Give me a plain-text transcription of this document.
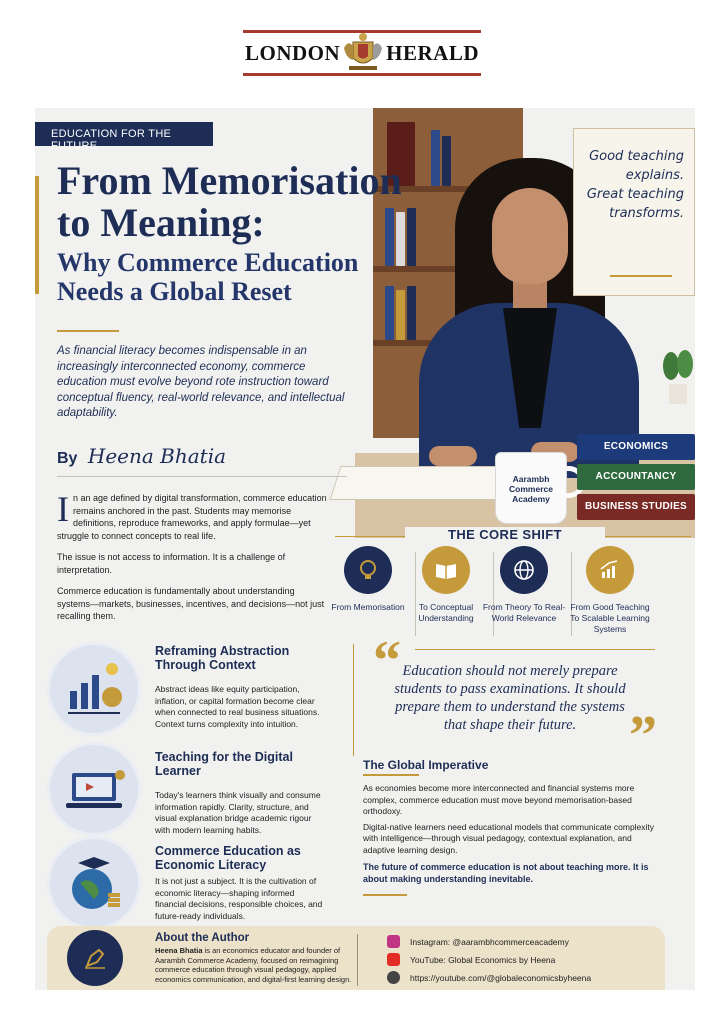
LONDON HERALD
Aarambh Commerce Academy
ECONOMICS
ACCOUNTANCY
BUSINESS STUDIES
Good teaching
explains.
Great teaching
transforms.
EDUCATION FOR THE FUTURE
From Memorisation
to Meaning:
Why Commerce Education
Needs a Global Reset
As financial literacy becomes indispensable in an increasingly interconnected economy, commerce education must evolve beyond rote instruction toward conceptual fluency, real-world relevance, and intellectual adaptability.
By Heena Bhatia

In an age defined by digital transformation, commerce education remains anchored in the past. Students may memorise definitions, reproduce frameworks, and apply formulae—yet struggle to connect concepts to real life.

The issue is not access to information. It is a challenge of interpretation.

Commerce education is fundamentally about understanding systems—markets, businesses, incentives, and decisions—not just recalling them.

THE CORE SHIFT
From Memorisation	To Conceptual Understanding
From Theory To Real-World Relevance
From Good Teaching To Scalable Learning Systems
Reframing Abstraction Through Context
Abstract ideas like equity participation, inflation, or capital formation become clear when connected to real business situations. Context turns complexity into intuition.
Teaching for the Digital Learner
Today's learners think visually and consume information rapidly. Clarity, structure, and visual explanation bridge academic rigour with modern learning habits.
Commerce Education as Economic Literacy
It is not just a subject. It is the cultivation of economic literacy—shaping informed financial decisions, responsible choices, and future-ready individuals.
“ Education should not merely prepare students to pass examinations. It should prepare them to understand the systems that shape their future. ”
The Global Imperative

As economies become more interconnected and financial systems more complex, commerce education must move beyond memorisation-based orthodoxy.

Digital-native learners need educational models that communicate complexity with intelligence—through visual pedagogy, contextual explanation, and adaptive learning design.

The future of commerce education is not about teaching more. It is about making understanding inevitable.
About the Author
Heena Bhatia is an economics educator and founder of Aarambh Commerce Academy, focused on reimagining commerce education through visual pedagogy, applied economics communication, and digital-first learning design.
Instagram: @aarambhcommerceacademy
YouTube: Global Economics by Heena
https://youtube.com/@globaleconomicsbyheena
